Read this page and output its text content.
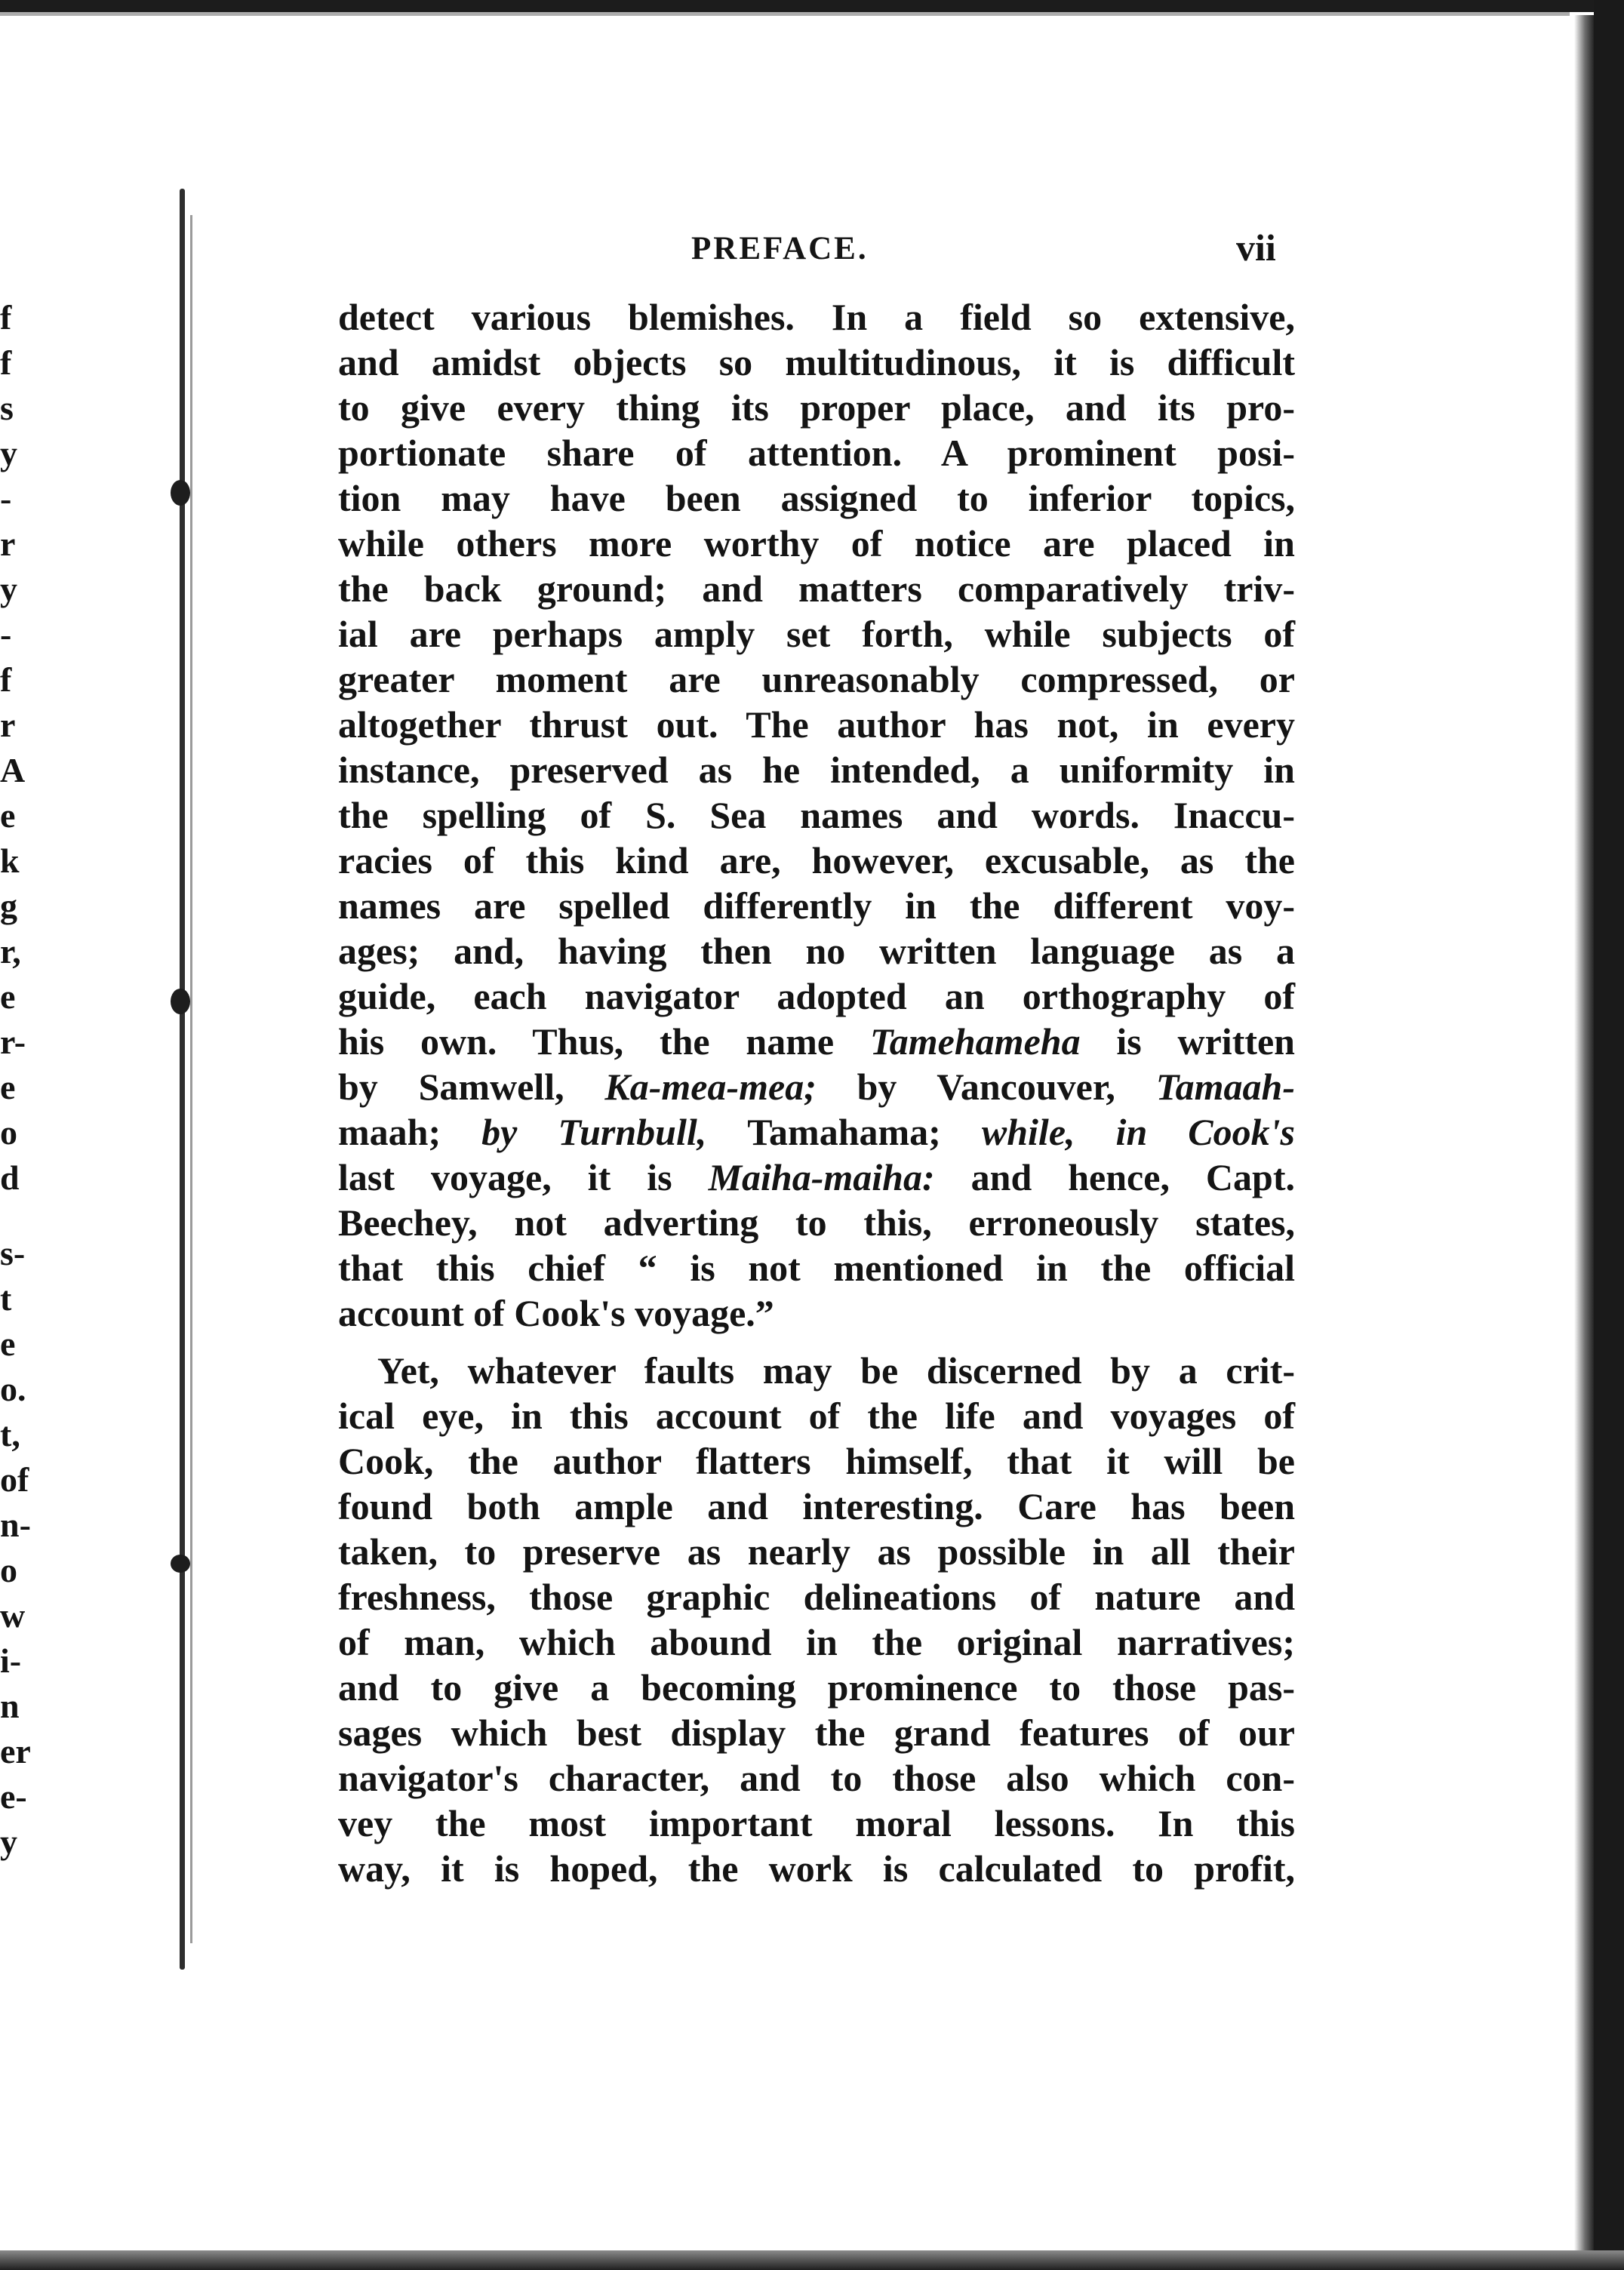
f
f
s
y
-
r
y
-
f
r
A
e
k
g
r,
e
r-
e
o
d
s-
t
e
o.
t,
of
n-
o
w
i-
n
er
e-
y
PREFACE.	vii
detect various blemishes. In a field so extensive,
and amidst objects so multitudinous, it is difficult
to give every thing its proper place, and its pro-
portionate share of attention. A prominent posi-
tion may have been assigned to inferior topics,
while others more worthy of notice are placed in
the back ground; and matters comparatively triv-
ial are perhaps amply set forth, while subjects of
greater moment are unreasonably compressed, or
altogether thrust out. The author has not, in every
instance, preserved as he intended, a uniformity in
the spelling of S. Sea names and words. Inaccu-
racies of this kind are, however, excusable, as the
names are spelled differently in the different voy-
ages; and, having then no written language as a
guide, each navigator adopted an orthography of
his own. Thus, the name Tamehameha is written
by Samwell, Ka-mea-mea; by Vancouver, Tamaah-
maah; by Turnbull, Tamahama; while, in Cook's
last voyage, it is Maiha-maiha: and hence, Capt.
Beechey, not adverting to this, erroneously states,
that this chief “ is not mentioned in the official
account of Cook's voyage.”
Yet, whatever faults may be discerned by a crit-
ical eye, in this account of the life and voyages of
Cook, the author flatters himself, that it will be
found both ample and interesting. Care has been
taken, to preserve as nearly as possible in all their
freshness, those graphic delineations of nature and
of man, which abound in the original narratives;
and to give a becoming prominence to those pas-
sages which best display the grand features of our
navigator's character, and to those also which con-
vey the most important moral lessons. In this
way, it is hoped, the work is calculated to profit,
